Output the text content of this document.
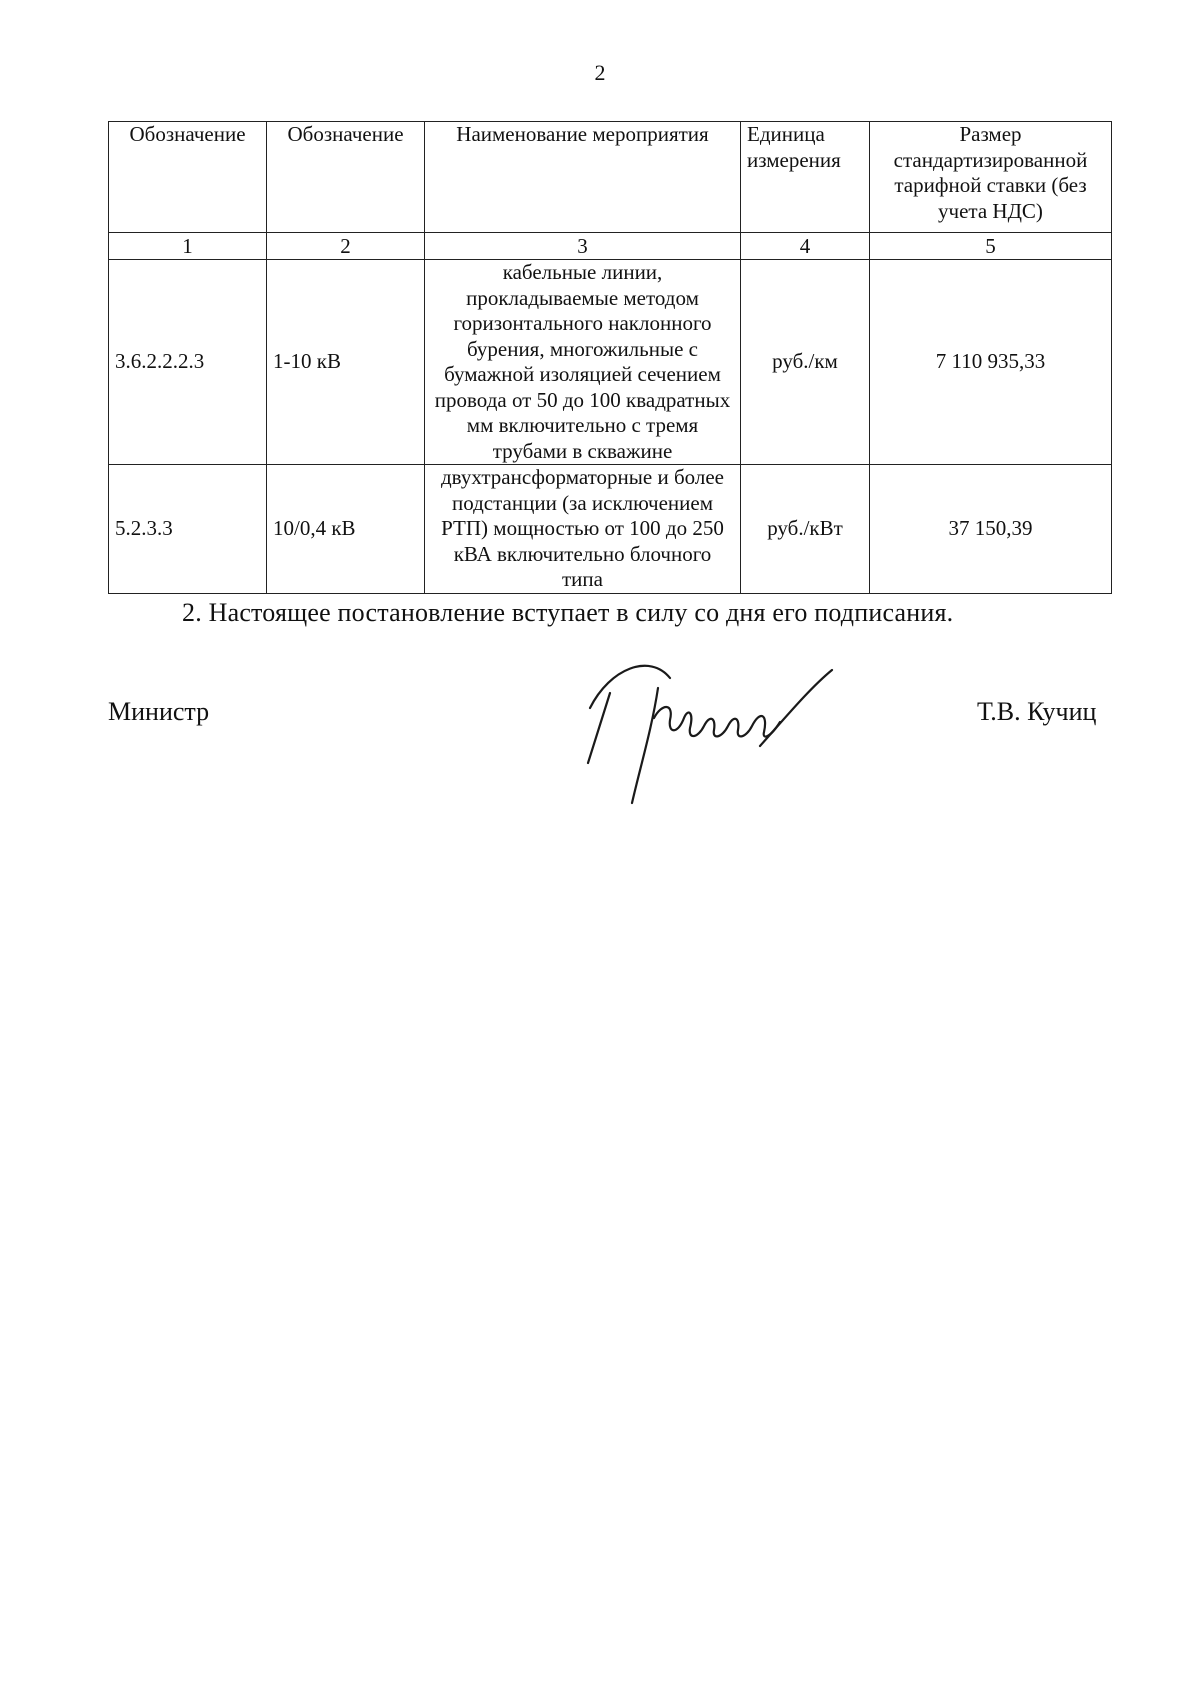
2
Обозначение	Обозначение	Наименование мероприятия	Единица измерения	Размер стандартизированной тарифной ставки (без учета НДС)
1	2	3	4	5
3.6.2.2.2.3	1-10 кВ	кабельные линии, прокладываемые методом горизонтального наклонного бурения, многожильные с бумажной изоляцией сечением провода от 50 до 100 квадратных мм включительно с тремя трубами в скважине	руб./км	7 110 935,33
5.2.3.3	10/0,4 кВ	двухтрансформаторные и более подстанции (за исключением РТП) мощностью от 100 до 250 кВА включительно блочного типа	руб./кВт	37 150,39
2. Настоящее постановление вступает в силу со дня его подписания.
Министр	Т.В. Кучиц
